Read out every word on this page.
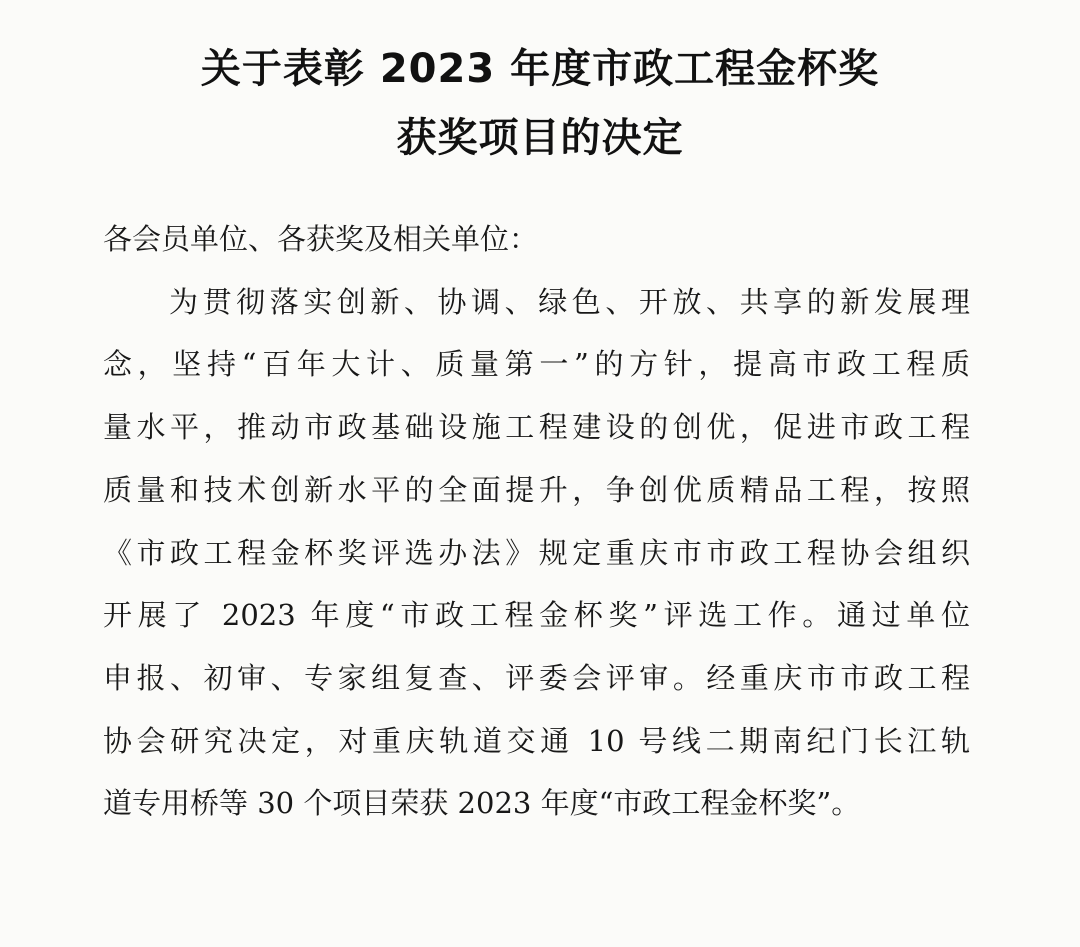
关于表彰 2023 年度市政工程金杯奖
获奖项目的决定

各会员单位、各获奖及相关单位：

为贯彻落实创新、协调、绿色、开放、共享的新发展理
念，坚持“百年大计、质量第一”的方针，提高市政工程质
量水平，推动市政基础设施工程建设的创优，促进市政工程
质量和技术创新水平的全面提升，争创优质精品工程，按照
《市政工程金杯奖评选办法》规定重庆市市政工程协会组织
开展了 2023 年度“市政工程金杯奖”评选工作。通过单位
申报、初审、专家组复查、评委会评审。经重庆市市政工程
协会研究决定，对重庆轨道交通 10 号线二期南纪门长江轨
道专用桥等 30 个项目荣获 2023 年度“市政工程金杯奖”。
